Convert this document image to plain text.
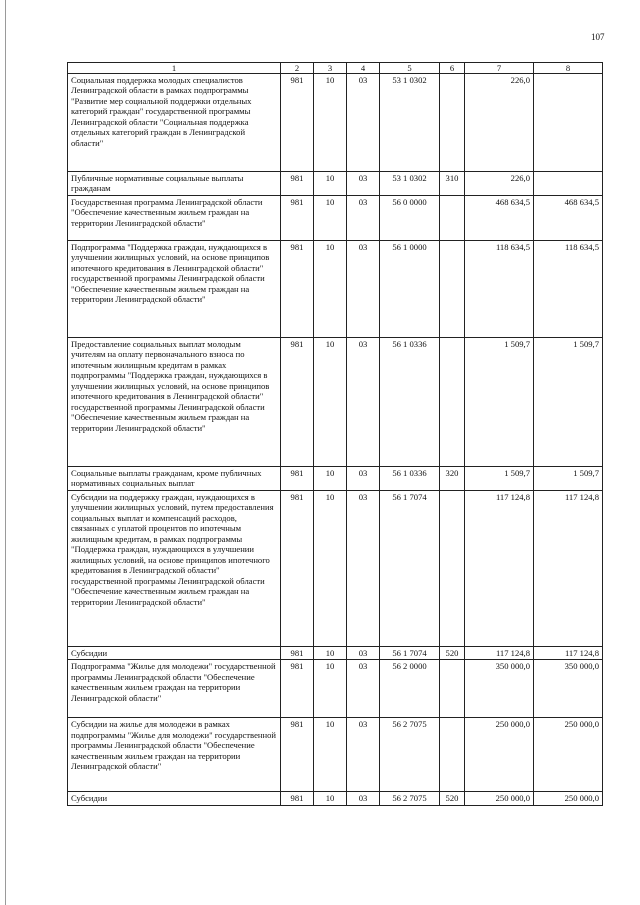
107
1	2	3	4	5	6	7	8
Социальная поддержка молодых специалистов Ленинградской области в рамках подпрограммы "Развитие мер социальной поддержки отдельных категорий граждан" государственной программы Ленинградской области "Социальная поддержка отдельных категорий граждан в Ленинградской области"	981	10	03	53 1 0302		226,0	
Публичные нормативные социальные выплаты гражданам	981	10	03	53 1 0302	310	226,0	
Государственная программа Ленинградской области "Обеспечение качественным жильем граждан на территории Ленинградской области"	981	10	03	56 0 0000		468 634,5	468 634,5
Подпрограмма "Поддержка граждан, нуждающихся в улучшении жилищных условий, на основе принципов ипотечного кредитования в Ленинградской области" государственной программы Ленинградской области "Обеспечение качественным жильем граждан на территории Ленинградской области"	981	10	03	56 1 0000		118 634,5	118 634,5
Предоставление социальных выплат молодым учителям на оплату первоначального взноса по ипотечным жилищным кредитам в рамках подпрограммы "Поддержка граждан, нуждающихся в улучшении жилищных условий, на основе принципов ипотечного кредитования в Ленинградской области" государственной программы Ленинградской области "Обеспечение качественным жильем граждан на территории Ленинградской области"	981	10	03	56 1 0336		1 509,7	1 509,7
Социальные выплаты гражданам, кроме публичных нормативных социальных выплат	981	10	03	56 1 0336	320	1 509,7	1 509,7
Субсидии на поддержку граждан, нуждающихся в улучшении жилищных условий, путем предоставления социальных выплат и компенсаций расходов, связанных с уплатой процентов по ипотечным жилищным кредитам, в рамках подпрограммы "Поддержка граждан, нуждающихся в улучшении жилищных условий, на основе принципов ипотечного кредитования в Ленинградской области" государственной программы Ленинградской области "Обеспечение качественным жильем граждан на территории Ленинградской области"	981	10	03	56 1 7074		117 124,8	117 124,8
Субсидии	981	10	03	56 1 7074	520	117 124,8	117 124,8
Подпрограмма "Жилье для молодежи" государственной программы Ленинградской области "Обеспечение качественным жильем граждан на территории Ленинградской области"	981	10	03	56 2 0000		350 000,0	350 000,0
Субсидии на жилье для молодежи в рамках подпрограммы "Жилье для молодежи" государственной программы Ленинградской области "Обеспечение качественным жильем граждан на территории Ленинградской области"	981	10	03	56 2 7075		250 000,0	250 000,0
Субсидии	981	10	03	56 2 7075	520	250 000,0	250 000,0
